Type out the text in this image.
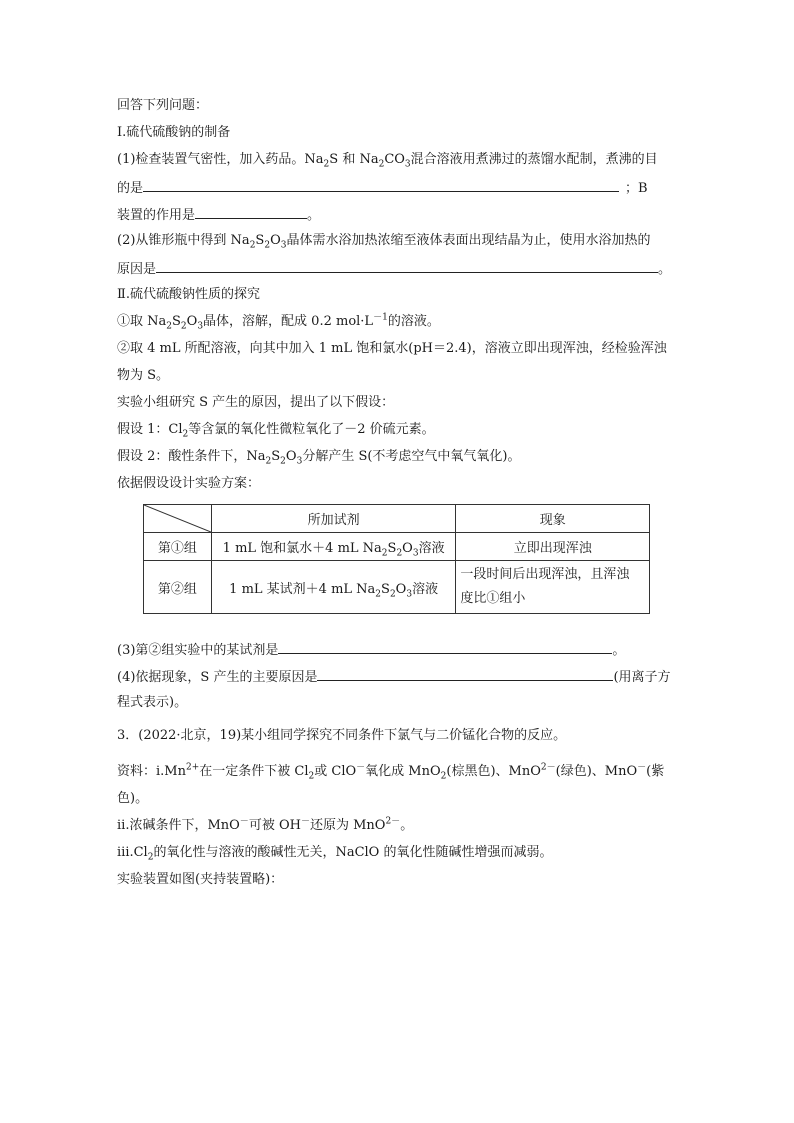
回答下列问题：
Ⅰ.硫代硫酸钠的制备
(1)检查装置气密性，加入药品。$Na_2S$ 和 $Na_2CO_3$混合溶液用煮沸过的蒸馏水配制，煮沸的目
的是	；B
装置的作用是	。
(2)从锥形瓶中得到 $Na_2S_2O_3$晶体需水浴加热浓缩至液体表面出现结晶为止，使用水浴加热的
原因是	。
Ⅱ.硫代硫酸钠性质的探究
①取 $Na_2S_2O_3$晶体，溶解，配成 0.2 $mol\cdot L^{-1}$的溶液。
②取 4 mL 所配溶液，向其中加入 1 mL 饱和氯水(pH＝2.4)，溶液立即出现浑浊，经检验浑浊
物为 S。
实验小组研究 S 产生的原因，提出了以下假设：
假设 1：$Cl_2$等含氯的氧化性微粒氧化了－2 价硫元素。
假设 2：酸性条件下，$Na_2S_2O_3$分解产生 S(不考虑空气中氧气氧化)。
依据假设设计实验方案：
	所加试剂	现象
第①组	1 mL 饱和氯水＋4 mL $Na_2S_2O_3$溶液	立即出现浑浊
第②组	1 mL 某试剂＋4 mL $Na_2S_2O_3$溶液	一段时间后出现浑浊，且浑浊
度比①组小
(3)第②组实验中的某试剂是	。
(4)依据现象，S 产生的主要原因是	(用离子方
程式表示)。
3．(2022·北京，19)某小组同学探究不同条件下氯气与二价锰化合物的反应。
资料：$ⅰ.Mn^{2+}$在一定条件下被 $Cl_2$或 ClO－氧化成 MnO$_2$(棕黑色)、MnO$^{2-}$(绿色)、MnO－(紫
色)。
ⅱ.浓碱条件下，MnO－可被 OH－还原为 MnO$^{2-}$。
$ⅲ.Cl_2$的氧化性与溶液的酸碱性无关，NaClO 的氧化性随碱性增强而减弱。
实验装置如图(夹持装置略)：
